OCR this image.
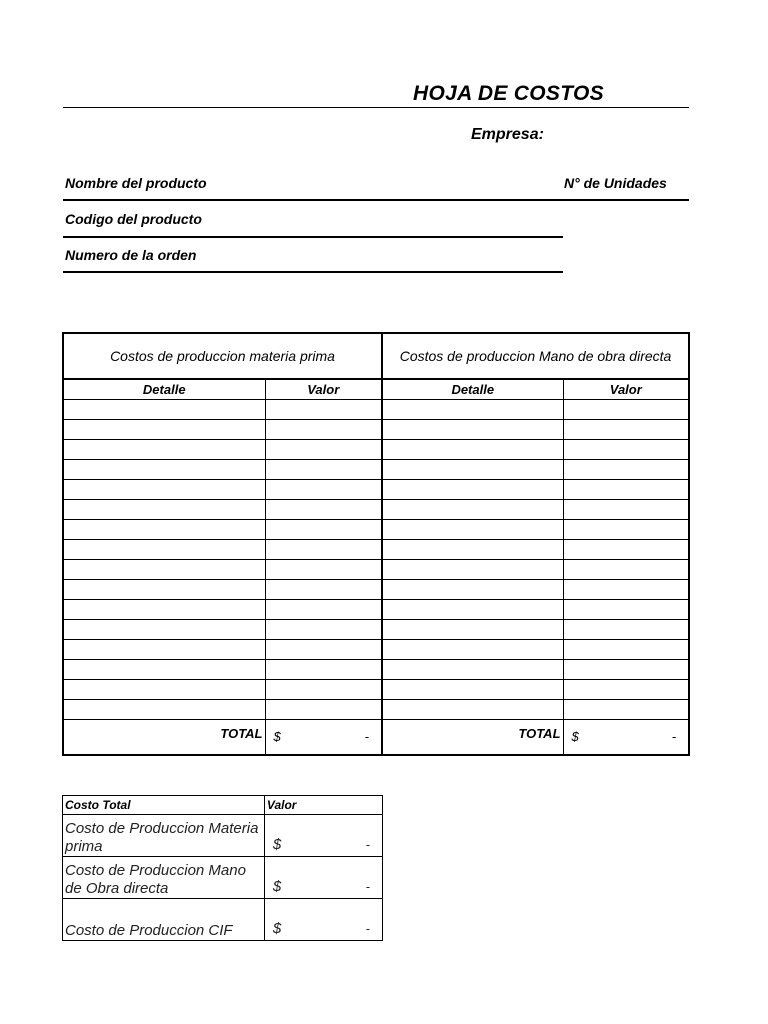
HOJA DE COSTOS
Empresa:
Nombre del producto	N° de Unidades
Codigo del producto
Numero de la orden
Costos de produccion materia prima		Costos de produccion Mano de obra directa	
Detalle	Valor	Detalle	Valor

TOTAL	$ -	TOTAL	$ -
Costo Total	Valor
Costo de Produccion Materia prima	$ -

Costo de Produccion Mano de Obra directa	$ -

Costo de Produccion CIF	$ -
